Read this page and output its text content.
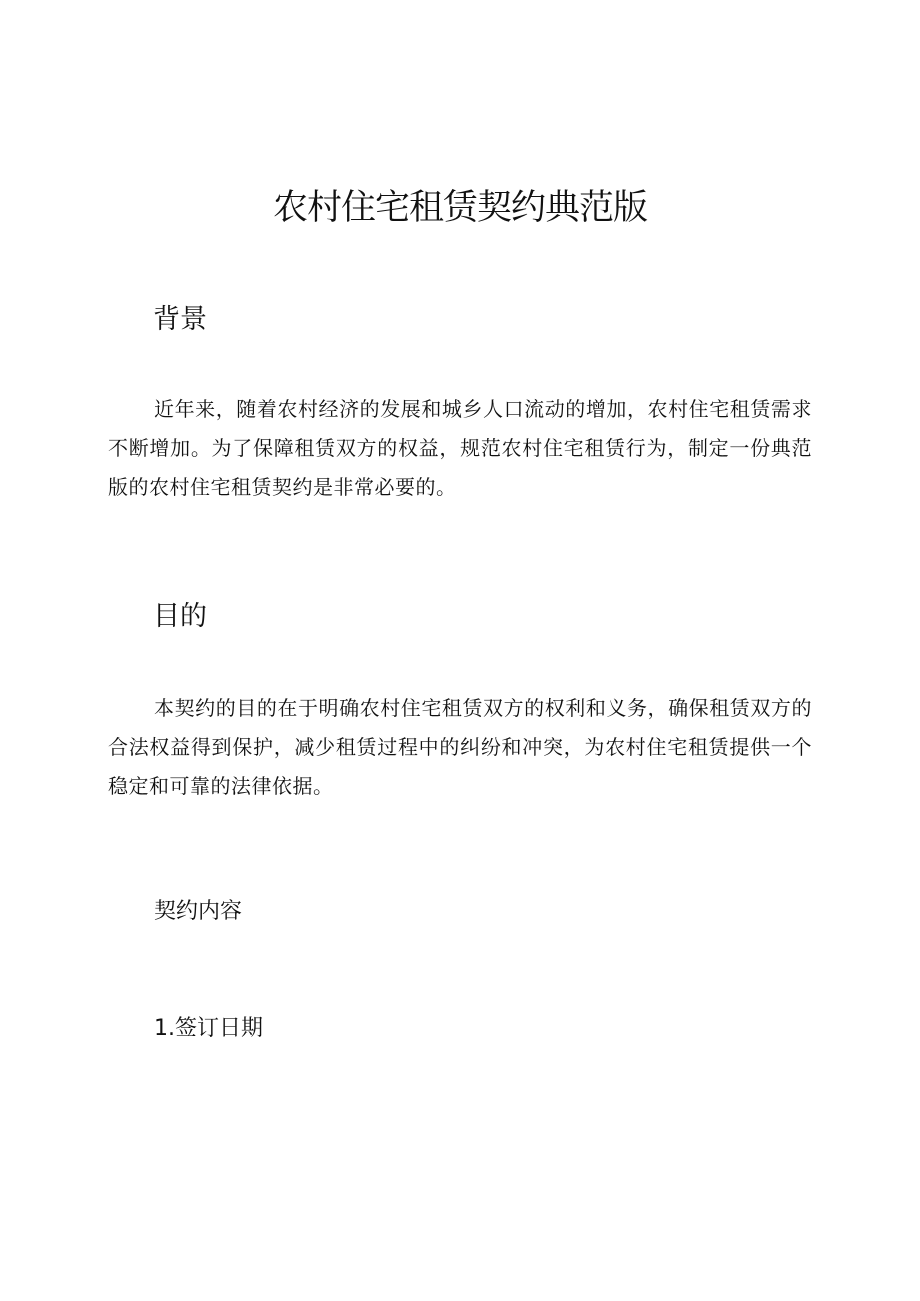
农村住宅租赁契约典范版
背景

近年来，随着农村经济的发展和城乡人口流动的增加，农村住宅租赁需求不断增加。为了保障租赁双方的权益，规范农村住宅租赁行为，制定一份典范版的农村住宅租赁契约是非常必要的。

目的

本契约的目的在于明确农村住宅租赁双方的权利和义务，确保租赁双方的合法权益得到保护，减少租赁过程中的纠纷和冲突，为农村住宅租赁提供一个稳定和可靠的法律依据。

契约内容
1.签订日期
